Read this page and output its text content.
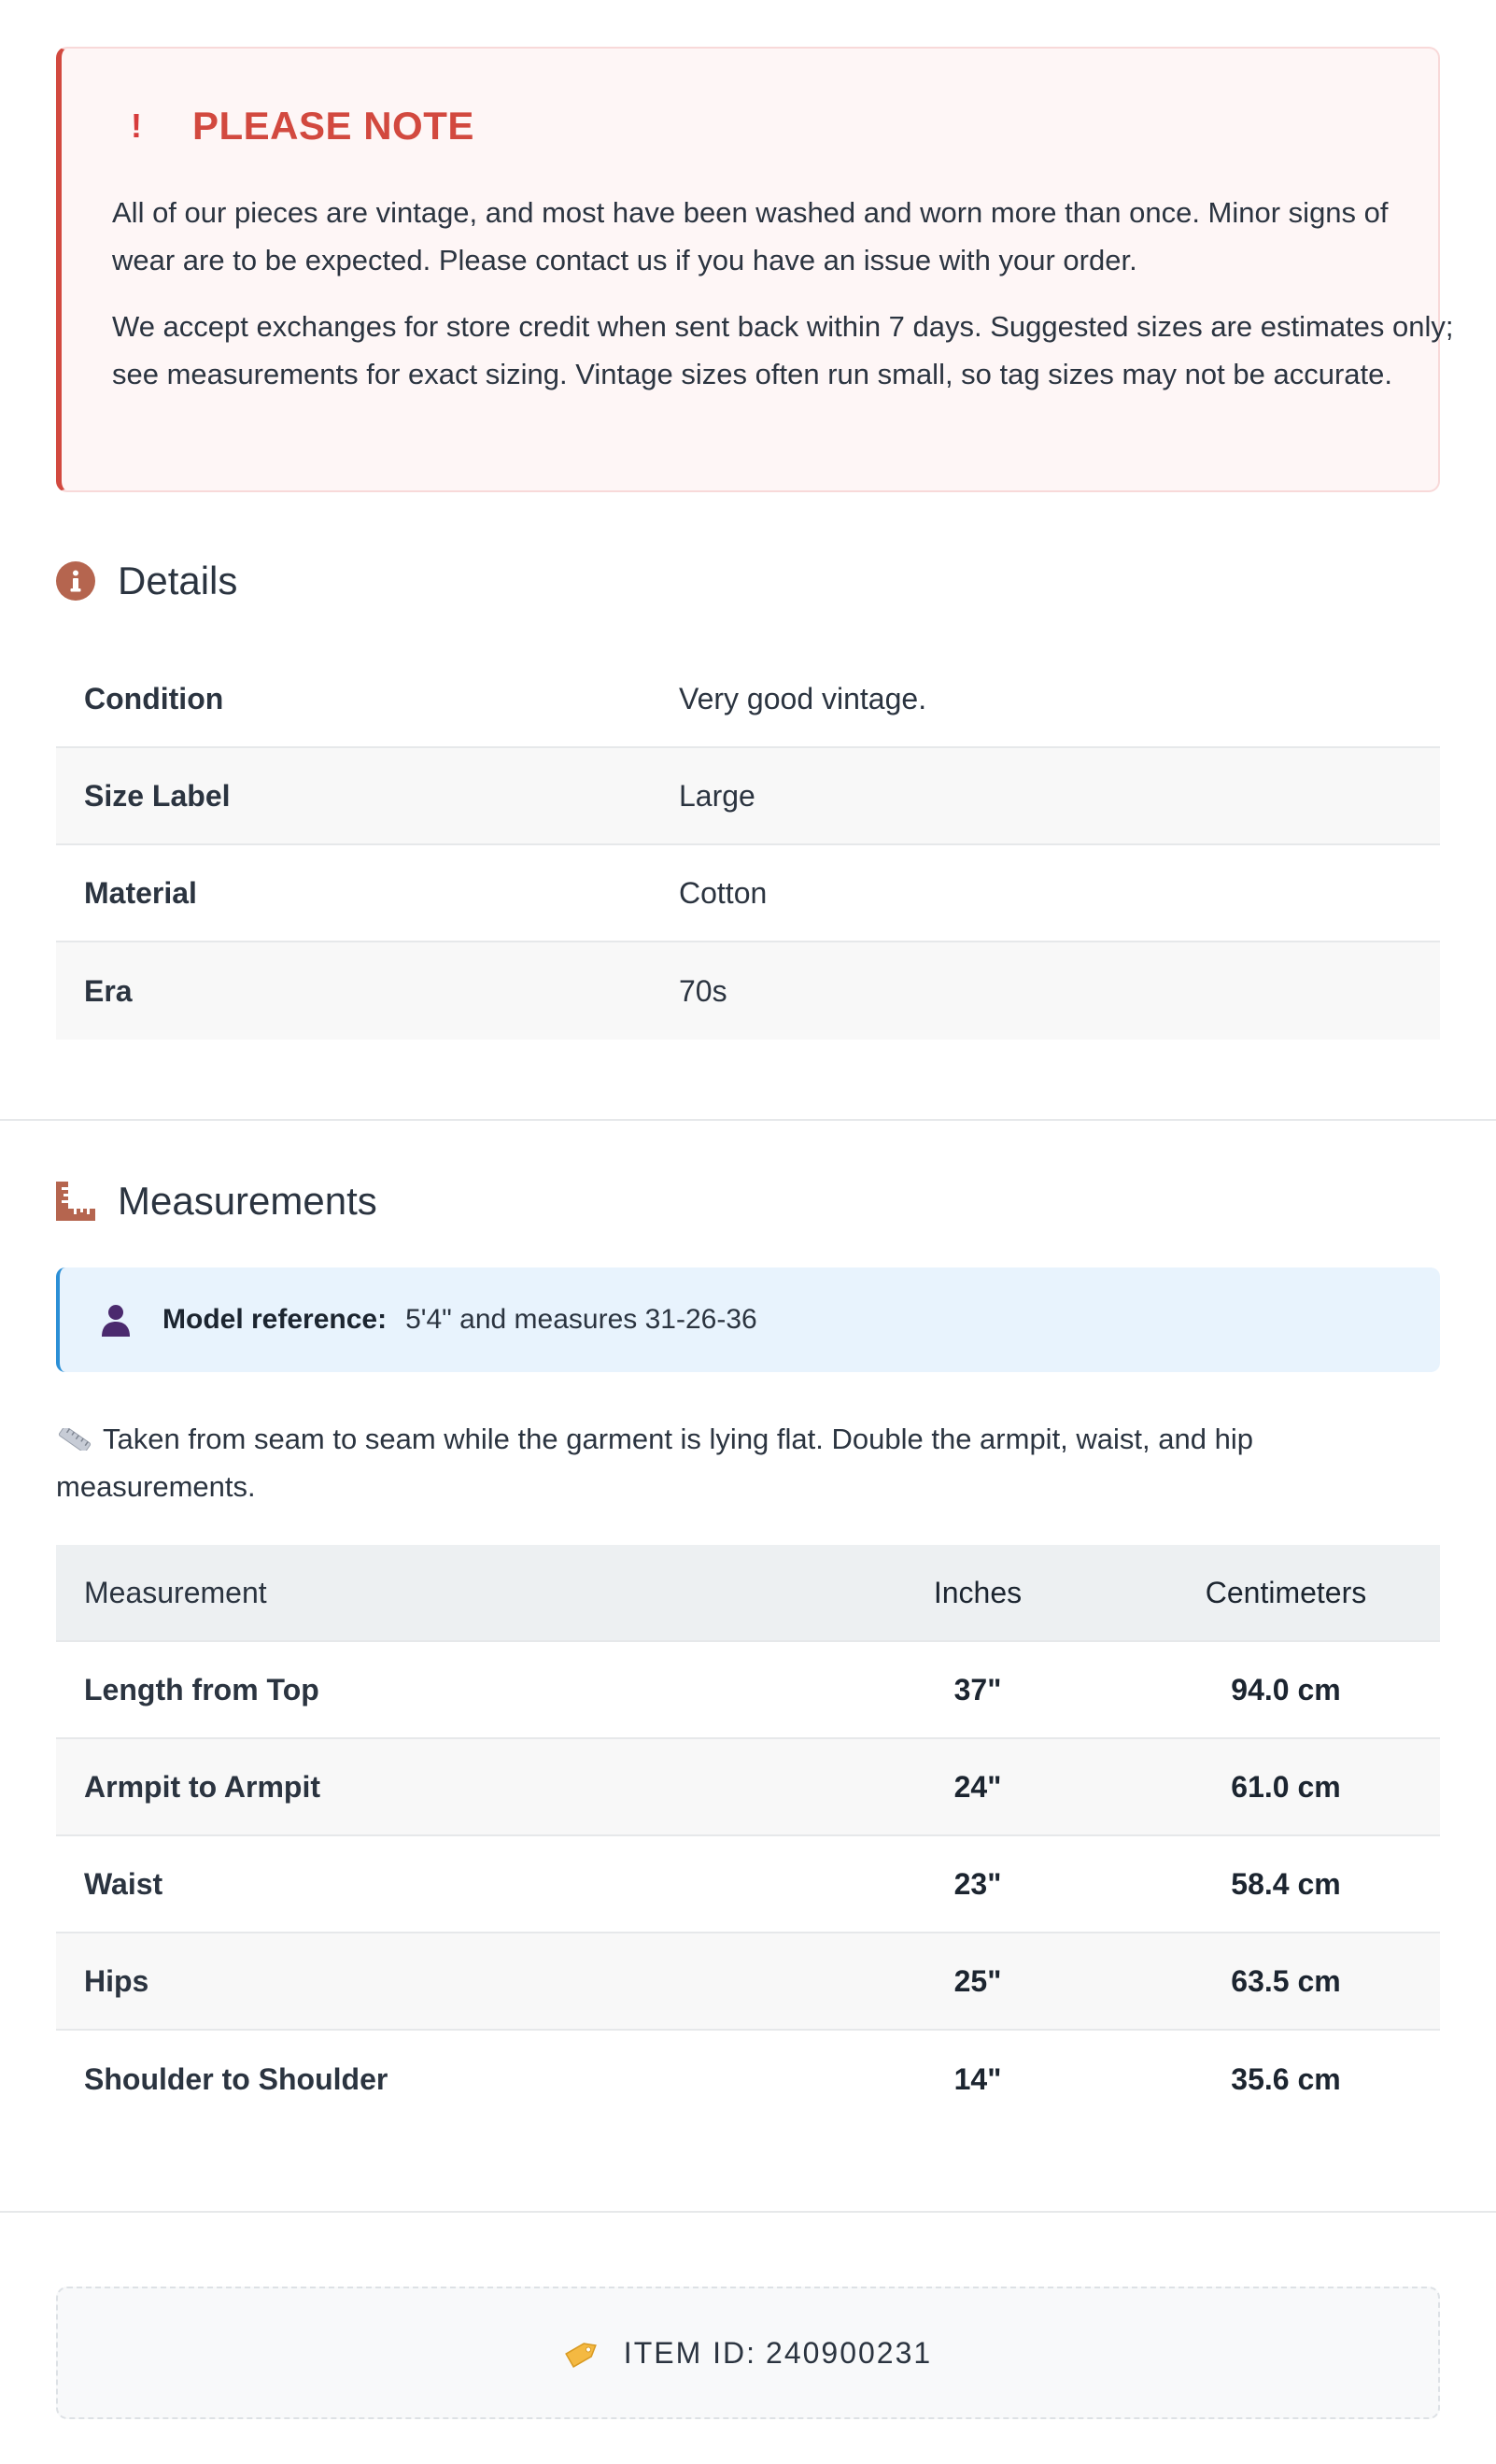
! PLEASE NOTE

All of our pieces are vintage, and most have been washed and worn more than once. Minor signs of wear are to be expected. Please contact us if you have an issue with your order.

We accept exchanges for store credit when sent back within 7 days. Suggested sizes are estimates only; see measurements for exact sizing. Vintage sizes often run small, so tag sizes may not be accurate.

Details
Condition	Very good vintage.
Size Label	Large
Material	Cotton
Era	70s
Measurements
Model reference: 5'4" and measures 31-26-36
Taken from seam to seam while the garment is lying flat. Double the armpit, waist, and hip measurements.
Measurement	Inches	Centimeters
Length from Top	37"	94.0 cm
Armpit to Armpit	24"	61.0 cm
Waist	23"	58.4 cm
Hips	25"	63.5 cm
Shoulder to Shoulder	14"	35.6 cm
ITEM ID: 240900231
